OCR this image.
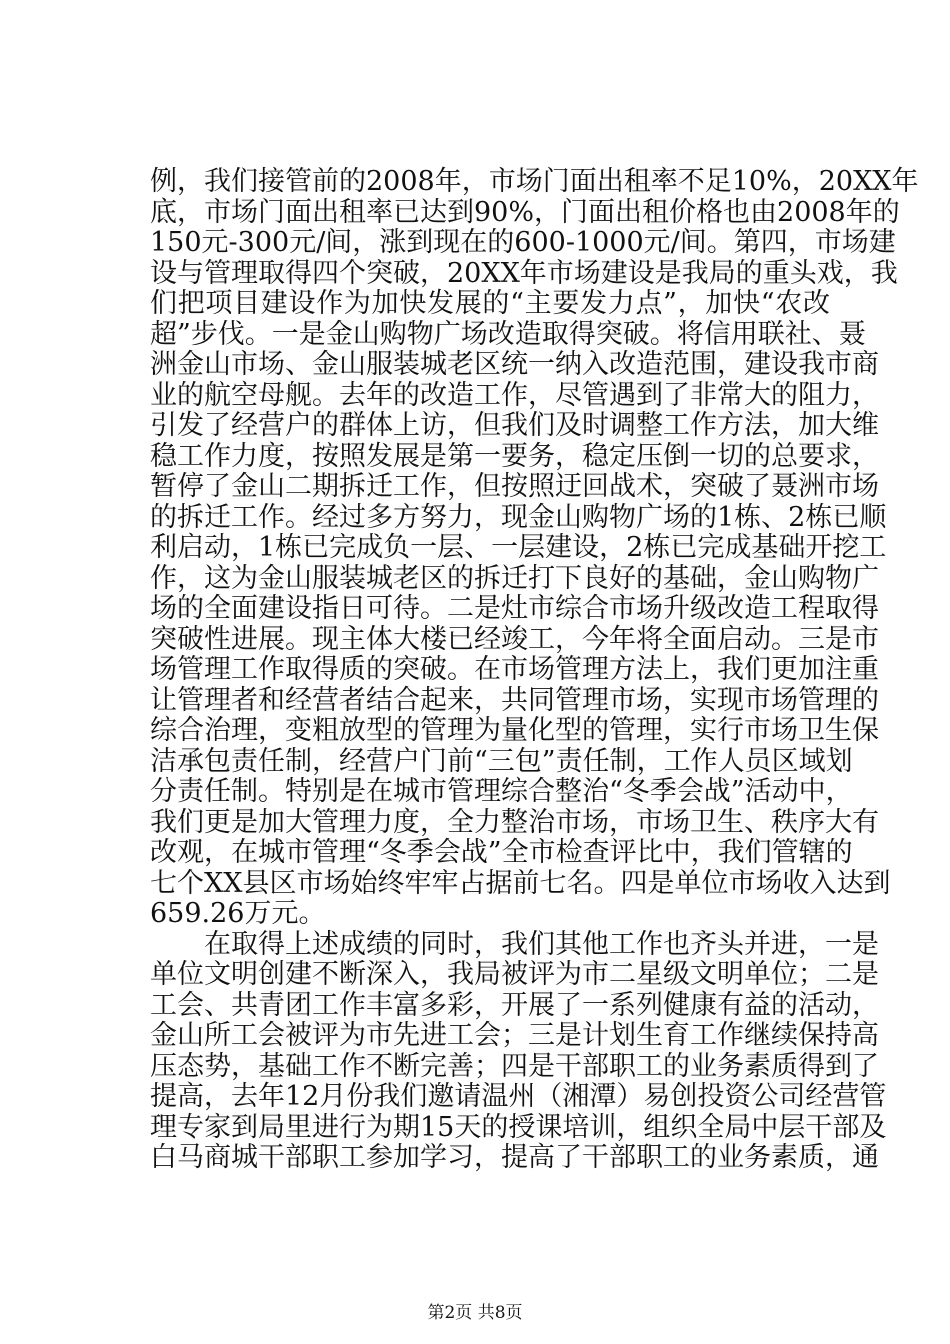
例，我们接管前的2008年，市场门面出租率不足10%，20XX年
底，市场门面出租率已达到90%，门面出租价格也由2008年的
150元-300元/间，涨到现在的600-1000元/间。第四，市场建
设与管理取得四个突破，20XX年市场建设是我局的重头戏，我
们把项目建设作为加快发展的“主要发力点”，加快“农改
超”步伐。一是金山购物广场改造取得突破。将信用联社、聂
洲金山市场、金山服装城老区统一纳入改造范围，建设我市商
业的航空母舰。去年的改造工作，尽管遇到了非常大的阻力，
引发了经营户的群体上访，但我们及时调整工作方法，加大维
稳工作力度，按照发展是第一要务，稳定压倒一切的总要求，
暂停了金山二期拆迁工作，但按照迂回战术，突破了聂洲市场
的拆迁工作。经过多方努力，现金山购物广场的1栋、2栋已顺
利启动，1栋已完成负一层、一层建设，2栋已完成基础开挖工
作，这为金山服装城老区的拆迁打下良好的基础，金山购物广
场的全面建设指日可待。二是灶市综合市场升级改造工程取得
突破性进展。现主体大楼已经竣工，今年将全面启动。三是市
场管理工作取得质的突破。在市场管理方法上，我们更加注重
让管理者和经营者结合起来，共同管理市场，实现市场管理的
综合治理，变粗放型的管理为量化型的管理，实行市场卫生保
洁承包责任制，经营户门前“三包”责任制，工作人员区域划
分责任制。特别是在城市管理综合整治“冬季会战”活动中，
我们更是加大管理力度，全力整治市场，市场卫生、秩序大有
改观，在城市管理“冬季会战”全市检查评比中，我们管辖的
七个XX县区市场始终牢牢占据前七名。四是单位市场收入达到
659.26万元。
　　在取得上述成绩的同时，我们其他工作也齐头并进，一是
单位文明创建不断深入，我局被评为市二星级文明单位；二是
工会、共青团工作丰富多彩，开展了一系列健康有益的活动，
金山所工会被评为市先进工会；三是计划生育工作继续保持高
压态势，基础工作不断完善；四是干部职工的业务素质得到了
提高，去年12月份我们邀请温州（湘潭）易创投资公司经营管
理专家到局里进行为期15天的授课培训，组织全局中层干部及
白马商城干部职工参加学习，提高了干部职工的业务素质，通
第2页 共8页
